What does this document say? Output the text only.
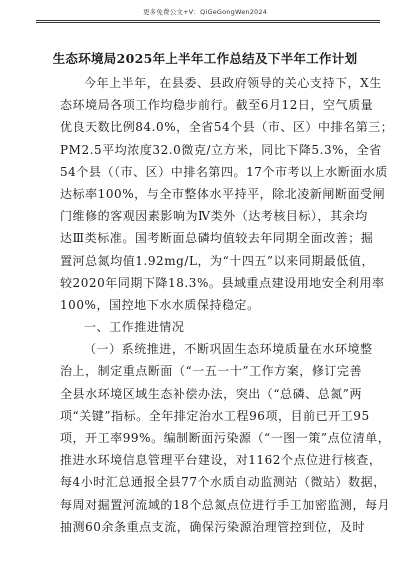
更多免费公文+V：QiGeGongWen2024
生态环境局2025年上半年工作总结及下半年工作计划
今年上半年，在县委、县政府领导的关心支持下，X生
态环境局各项工作均稳步前行。截至6月12日，空气质量
优良天数比例84.0%，全省54个县（市、区）中排名第三；
PM2.5平均浓度32.0微克/立方米，同比下降5.3%，全省
54个县（（市、区）中排名第四。17个市考以上水断面水质
达标率100%，与全市整体水平持平，除北凌新闸断面受闸
门维修的客观因素影响为Ⅳ类外（达考核目标），其余均
达Ⅲ类标准。国考断面总磷均值较去年同期全面改善；掘
置河总氮均值1.92mg/L，为“十四五”以来同期最低值，
较2020年同期下降18.3%。县域重点建设用地安全利用率
100%，国控地下水水质保持稳定。
一、工作推进情况
（一）系统推进，不断巩固生态环境质量在水环境整
治上，制定重点断面（“一五一十”工作方案，修订完善
全县水环境区域生态补偿办法，突出（“总磷、总氮”两
项“关键”指标。全年排定治水工程96项，目前已开工95
项，开工率99%。编制断面污染源（“一图一策”点位清单，
推进水环境信息管理平台建设，对1162个点位进行核查，
每4小时汇总通报全县77个水质自动监测站（微站）数据，
每周对掘置河流域的18个总氮点位进行手工加密监测，每月
抽测60余条重点支流，确保污染源治理管控到位，及时
